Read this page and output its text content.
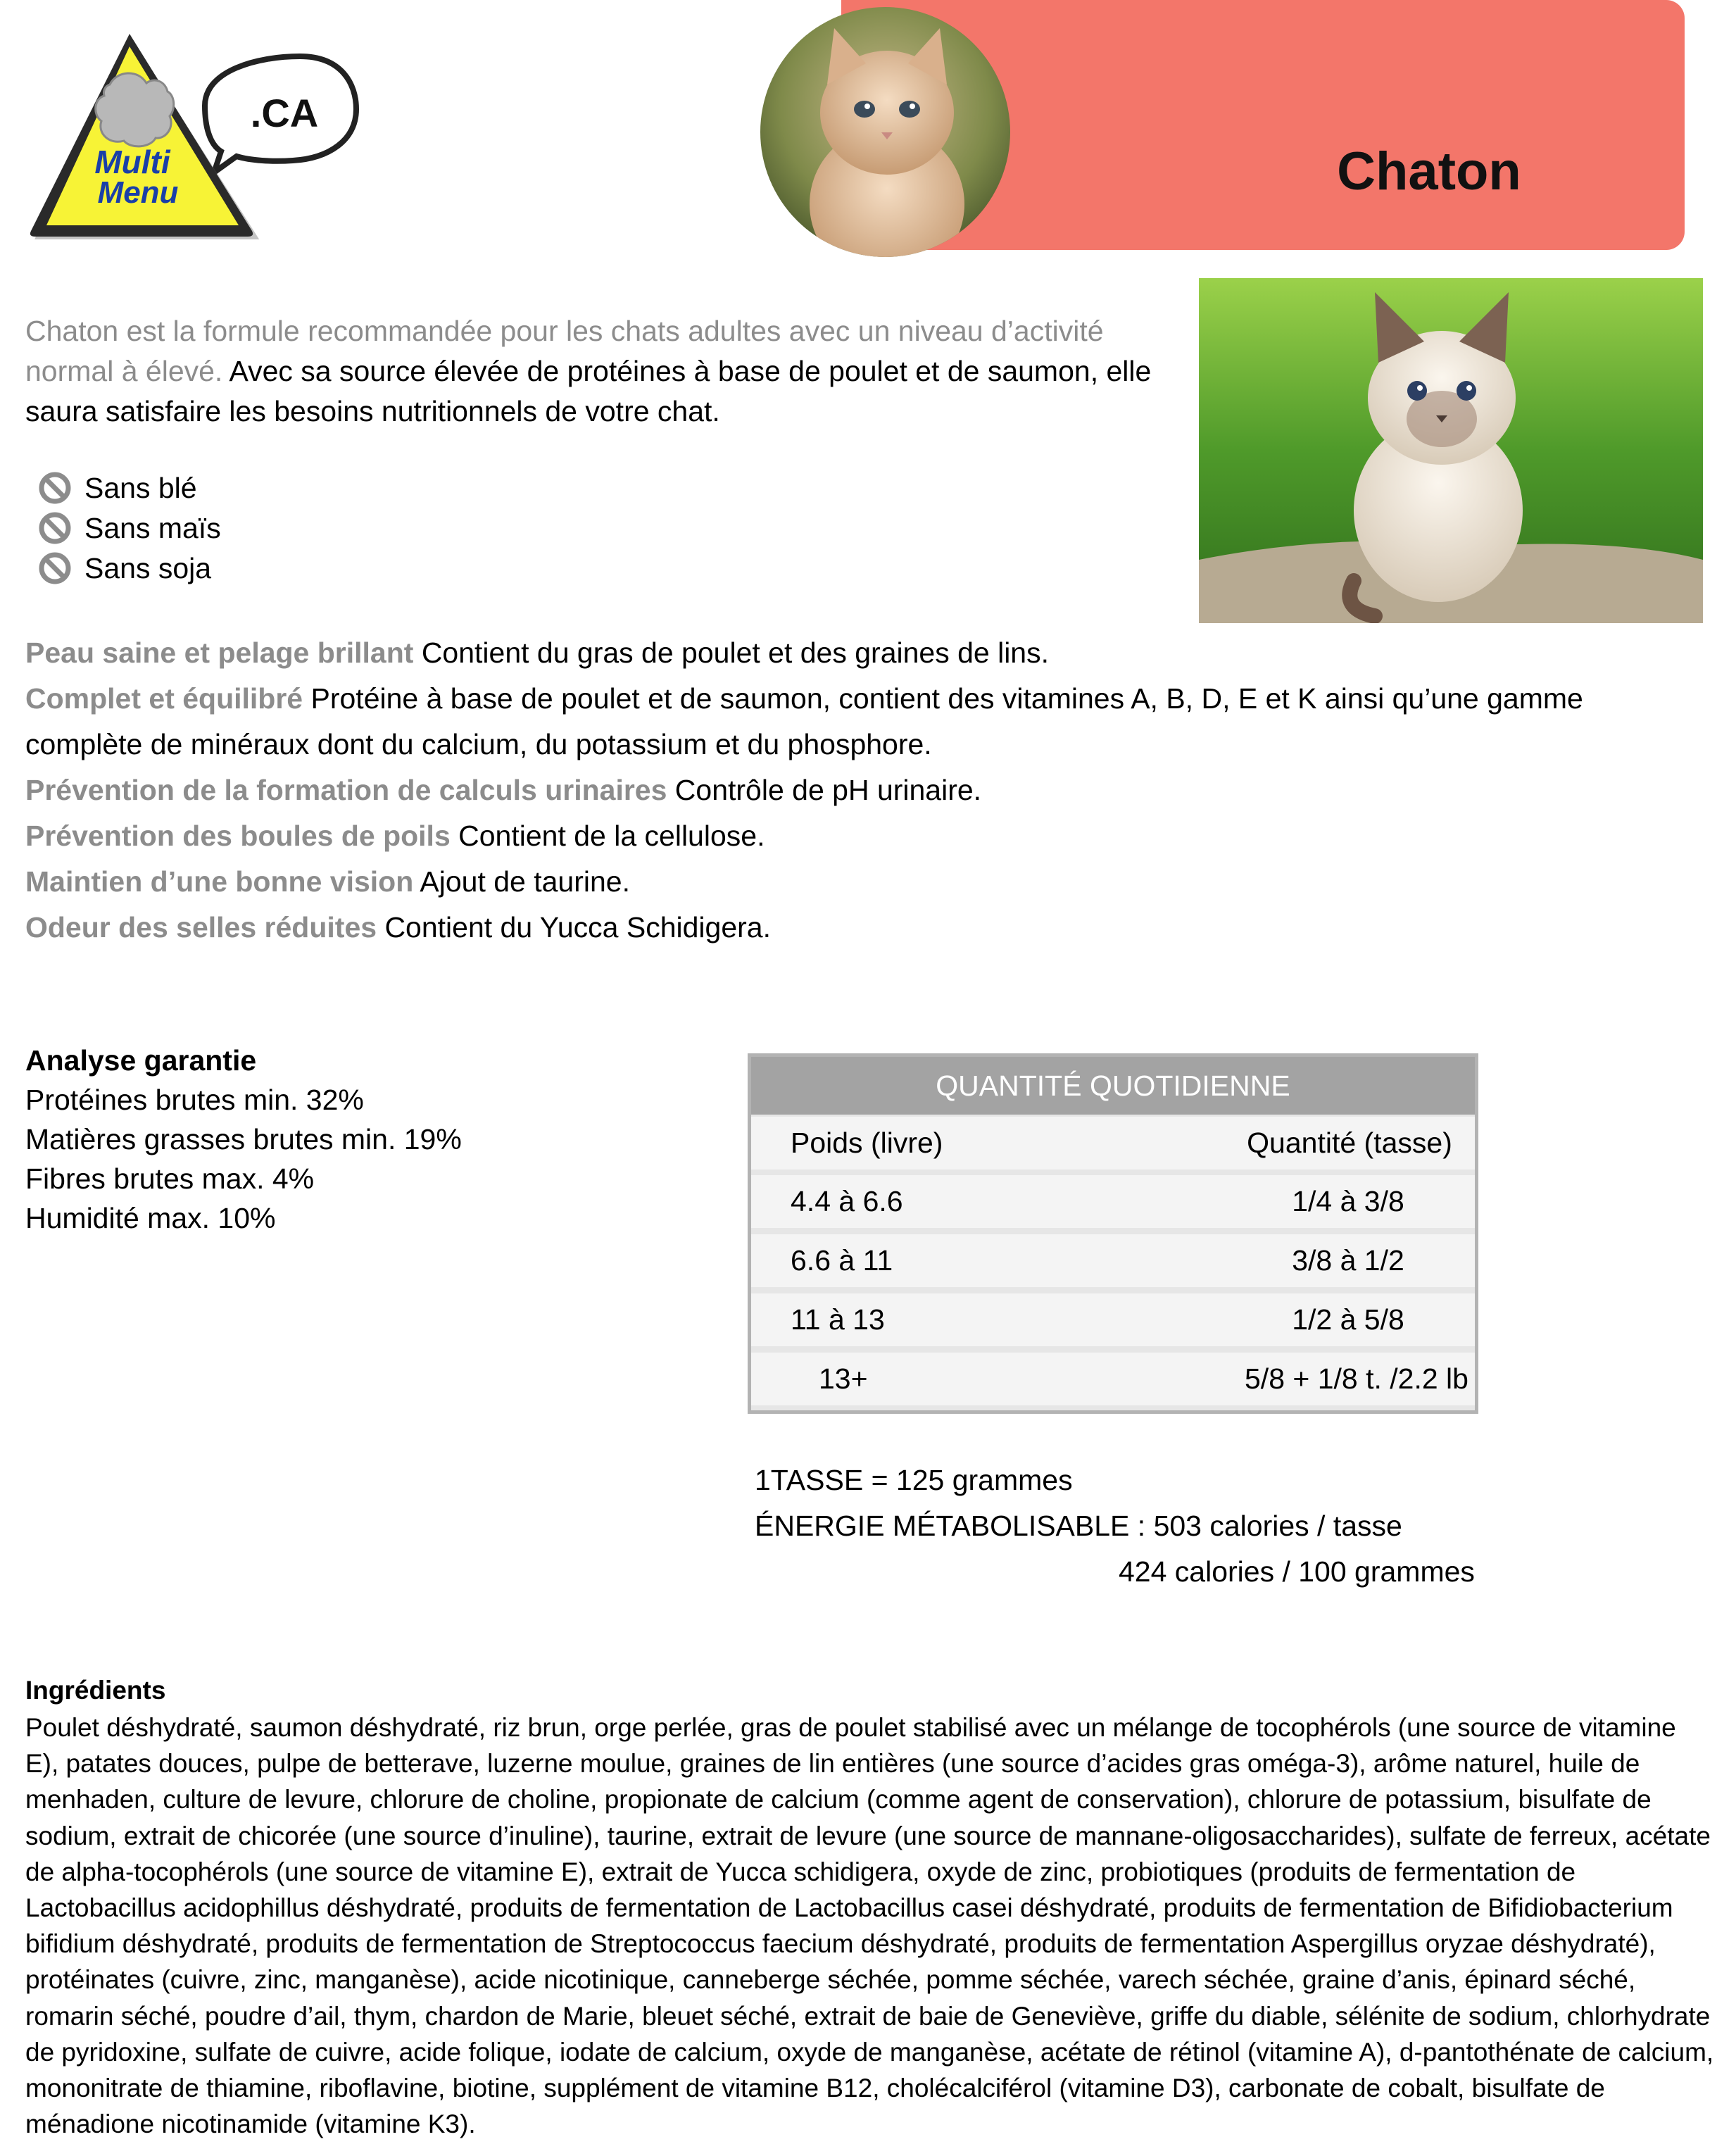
Multi
Menu
.CA
Chaton
Chaton est la formule recommandée pour les chats adultes avec un niveau d’activité normal à élevé. Avec sa source élevée de protéines à base de poulet et de saumon, elle saura satisfaire les besoins nutritionnels de votre chat.
Sans blé
Sans maïs
Sans soja

Peau saine et pelage brillant Contient du gras de poulet et des graines de lins.

Complet et équilibré Protéine à base de poulet et de saumon, contient des vitamines A, B, D, E et K ainsi qu’une gamme complète de minéraux dont du calcium, du potassium et du phosphore.

Prévention de la formation de calculs urinaires Contrôle de pH urinaire.

Prévention des boules de poils Contient de la cellulose.

Maintien d’une bonne vision Ajout de taurine.

Odeur des selles réduites Contient du Yucca Schidigera.

Analyse garantie
Protéines brutes min. 32%
Matières grasses brutes min. 19%
Fibres brutes max. 4%
Humidité max. 10%
QUANTITÉ QUOTIDIENNE
Poids (livre)	Quantité (tasse)
4.4 à 6.6	1/4 à 3/8
6.6 à 11	3/8 à 1/2
11 à 13	1/2 à 5/8
13+	5/8 + 1/8 t. /2.2 lb
1TASSE = 125 grammes
ÉNERGIE MÉTABOLISABLE : 503 calories / tasse
424 calories / 100 grammes
Ingrédients
Poulet déshydraté, saumon déshydraté, riz brun, orge perlée, gras de poulet stabilisé avec un mélange de tocophérols (une source de vitamine E), patates douces, pulpe de betterave, luzerne moulue, graines de lin entières (une source d’acides gras oméga-3), arôme naturel, huile de menhaden, culture de levure, chlorure de choline, propionate de calcium (comme agent de conservation), chlorure de potassium, bisulfate de sodium, extrait de chicorée (une source d’inuline), taurine, extrait de levure (une source de mannane-oligosaccharides), sulfate de ferreux, acétate de alpha-tocophérols (une source de vitamine E), extrait de Yucca schidigera, oxyde de zinc, probiotiques (produits de fermentation de Lactobacillus acidophillus déshydraté, produits de fermentation de Lactobacillus casei déshydraté, produits de fermentation de Bifidiobacterium bifidium déshydraté, produits de fermentation de Streptococcus faecium déshydraté, produits de fermentation Aspergillus oryzae déshydraté), protéinates (cuivre, zinc, manganèse), acide nicotinique, canneberge séchée, pomme séchée, varech séchée, graine d’anis, épinard séché, romarin séché, poudre d’ail, thym, chardon de Marie, bleuet séché, extrait de baie de Geneviève, griffe du diable, sélénite de sodium, chlorhydrate de pyridoxine, sulfate de cuivre, acide folique, iodate de calcium, oxyde de manganèse, acétate de rétinol (vitamine A), d-pantothénate de calcium, mononitrate de thiamine, riboflavine, biotine, supplément de vitamine B12, cholécalciférol (vitamine D3), carbonate de cobalt, bisulfate de ménadione nicotinamide (vitamine K3).
